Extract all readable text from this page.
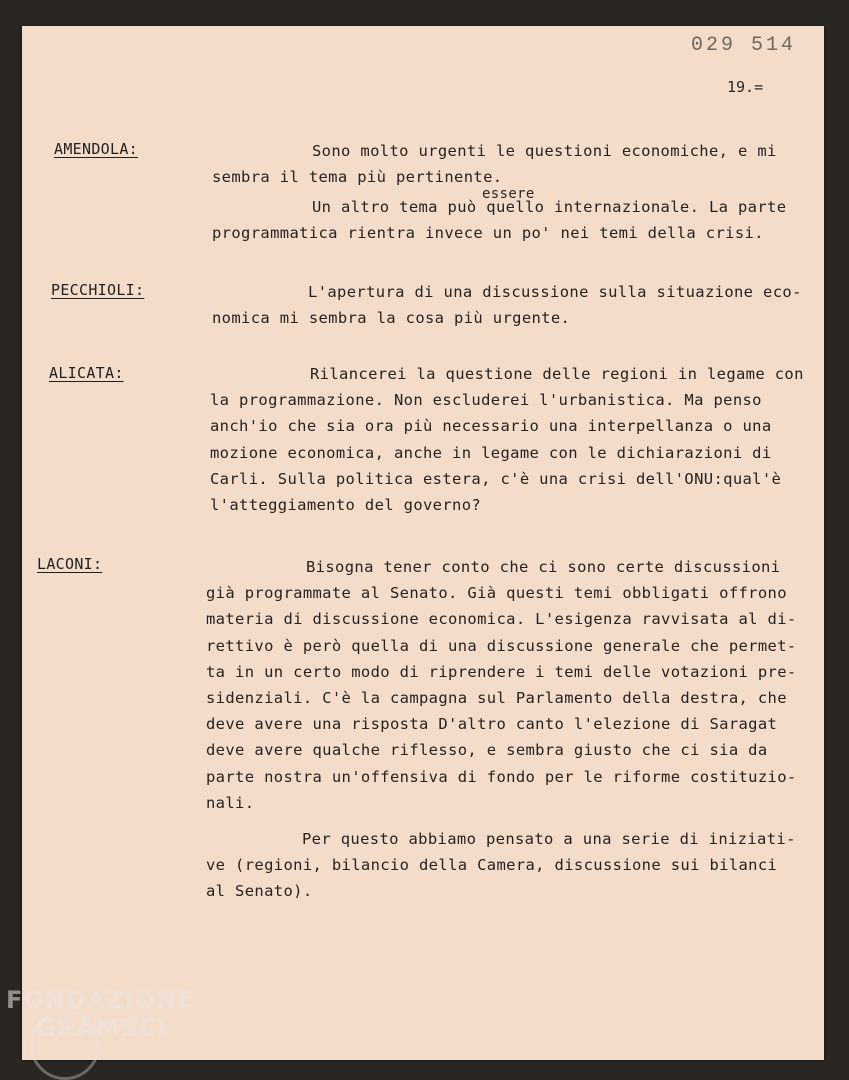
029 514
19.=
AMENDOLA:	Sono molto urgenti le questioni economiche, e mi
sembra il tema più pertinente.
Un altro tema può quello internazionale. La parte
essere
programmatica rientra invece un po' nei temi della crisi.
PECCHIOLI:	L'apertura di una discussione sulla situazione eco-
nomica mi sembra la cosa più urgente.
ALICATA:	Rilancerei la questione delle regioni in legame con
la programmazione. Non escluderei l'urbanistica. Ma penso
anch'io che sia ora più necessario una interpellanza o una
mozione economica, anche in legame con le dichiarazioni di
Carli. Sulla politica estera, c'è una crisi dell'ONU:qual'è
l'atteggiamento del governo?
LACONI:	Bisogna tener conto che ci sono certe discussioni
già programmate al Senato. Già questi temi obbligati offrono
materia di discussione economica. L'esigenza ravvisata al di-
rettivo è però quella di una discussione generale che permet-
ta in un certo modo di riprendere i temi delle votazioni pre-
sidenziali. C'è la campagna sul Parlamento della destra, che
deve avere una risposta D'altro canto l'elezione di Saragat
deve avere qualche riflesso, e sembra giusto che ci sia da
parte nostra un'offensiva di fondo per le riforme costituzio-
nali.
Per questo abbiamo pensato a una serie di iniziati-
ve (regioni, bilancio della Camera, discussione sui bilanci
al Senato).
FONDAZIONE
GRAMSCI
